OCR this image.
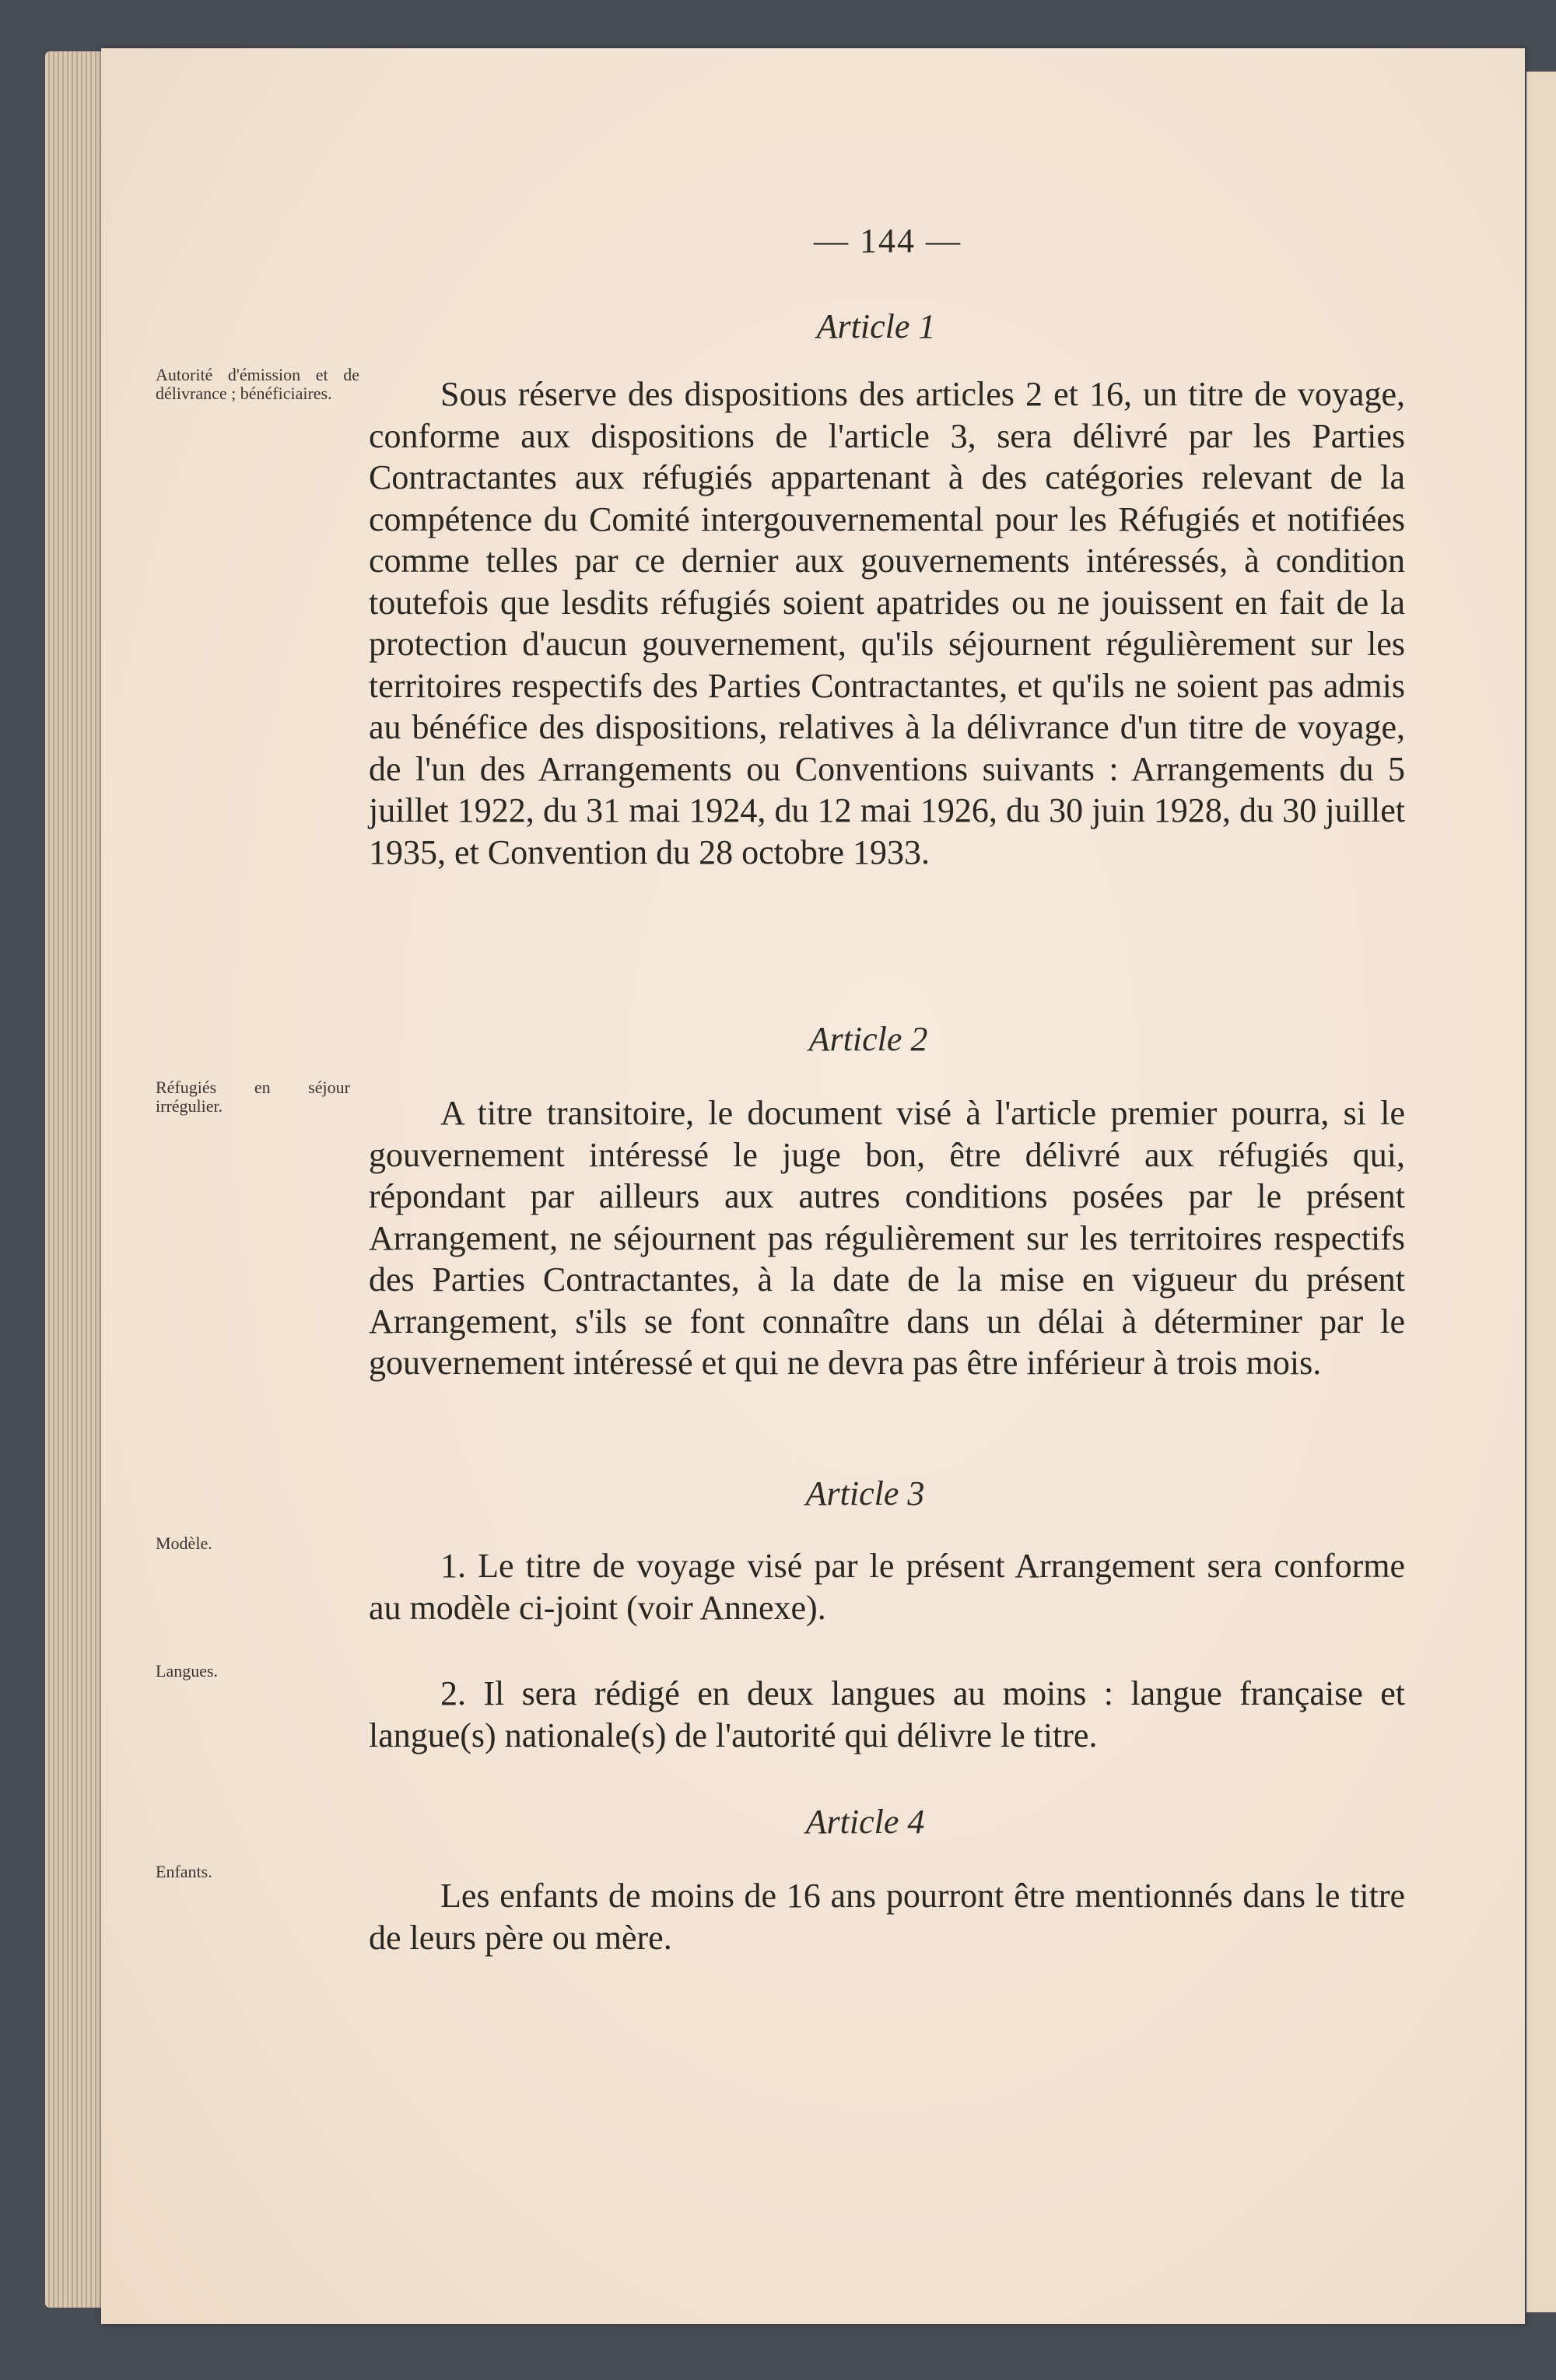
— 144 —
Article 1
Autorité d'émission et de délivrance ; bénéficiaires.	Sous réserve des dispositions des articles 2 et 16, un titre de voyage, conforme aux dispositions de l'article 3, sera délivré par les Parties Contractantes aux réfugiés appartenant à des catégories relevant de la compétence du Comité intergouvernemental pour les Réfugiés et notifiées comme telles par ce dernier aux gouvernements intéressés, à condition toutefois que lesdits réfugiés soient apatrides ou ne jouissent en fait de la protection d'aucun gouvernement, qu'ils séjournent régulièrement sur les territoires respectifs des Parties Contractantes, et qu'ils ne soient pas admis au bénéfice des dispositions, relatives à la délivrance d'un titre de voyage, de l'un des Arrangements ou Conventions suivants : Arrangements du 5 juillet 1922, du 31 mai 1924, du 12 mai 1926, du 30 juin 1928, du 30 juillet 1935, et Convention du 28 octobre 1933.
Article 2
Réfugiés en séjour irrégulier.	A titre transitoire, le document visé à l'article premier pourra, si le gouvernement intéressé le juge bon, être délivré aux réfugiés qui, répondant par ailleurs aux autres conditions posées par le présent Arrangement, ne séjournent pas régulièrement sur les territoires respectifs des Parties Contractantes, à la date de la mise en vigueur du présent Arrangement, s'ils se font connaître dans un délai à déterminer par le gouvernement intéressé et qui ne devra pas être inférieur à trois mois.
Article 3
Modèle.
1. Le titre de voyage visé par le présent Arrangement sera conforme au modèle ci-joint (voir Annexe).
Langues.
2. Il sera rédigé en deux langues au moins : langue française et langue(s) nationale(s) de l'autorité qui délivre le titre.
Article 4
Enfants.
Les enfants de moins de 16 ans pourront être mentionnés dans le titre de leurs père ou mère.
